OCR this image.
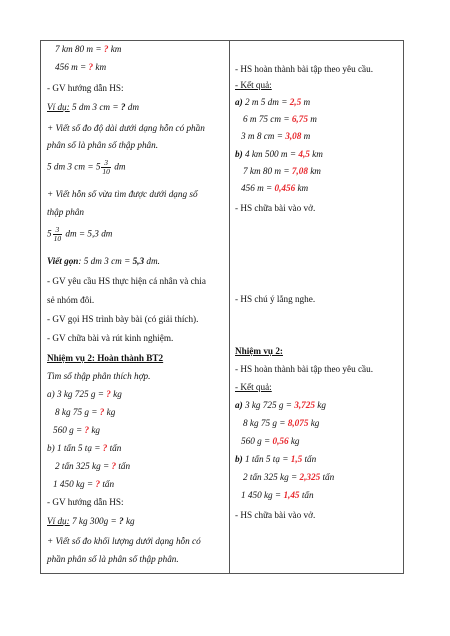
7 km 80 m = ? km
456 m = ? km
- GV hướng dẫn HS:
Ví dụ: 5 dm 3 cm = ? dm
+ Viết số đo độ dài dưới dạng hỗn có phần
phân số là phân số thập phân.
5 dm 3 cm = $5 \frac{3}{10}$ dm
+ Viết hỗn số vừa tìm được dưới dạng số
thập phân
$5 \frac{3}{10}$ dm = 5,3 dm
Viết gọn: 5 dm 3 cm = 5,3 dm.
- GV yêu cầu HS thực hiện cá nhân và chia
sẻ nhóm đôi.
- GV gọi HS trình bày bài (có giải thích).
- GV chữa bài và rút kinh nghiệm.
Nhiệm vụ 2: Hoàn thành BT2
Tìm số thập phân thích hợp.
a) 3 kg 725 g = ? kg
8 kg 75 g = ? kg
560 g = ? kg
b) 1 tấn 5 tạ = ? tấn
2 tấn 325 kg = ? tấn
1 450 kg = ? tấn
- GV hướng dẫn HS:
Ví dụ: 7 kg 300g = ? kg
+ Viết số đo khối lượng dưới dạng hỗn có
phần phân số là phân số thập phân.
- HS hoàn thành bài tập theo yêu cầu.
- Kết quả:
a) 2 m 5 dm = 2,5 m
6 m 75 cm = 6,75 m
3 m 8 cm = 3,08 m
b) 4 km 500 m = 4,5 km
7 km 80 m = 7,08 km
456 m = 0,456 km
- HS chữa bài vào vở.
- HS chú ý lắng nghe.
Nhiệm vụ 2:
- HS hoàn thành bài tập theo yêu cầu.
- Kết quả:
a) 3 kg 725 g = 3,725 kg
8 kg 75 g = 8,075 kg
560 g = 0,56 kg
b) 1 tấn 5 tạ = 1,5 tấn
2 tấn 325 kg = 2,325 tấn
1 450 kg = 1,45 tấn
- HS chữa bài vào vở.
